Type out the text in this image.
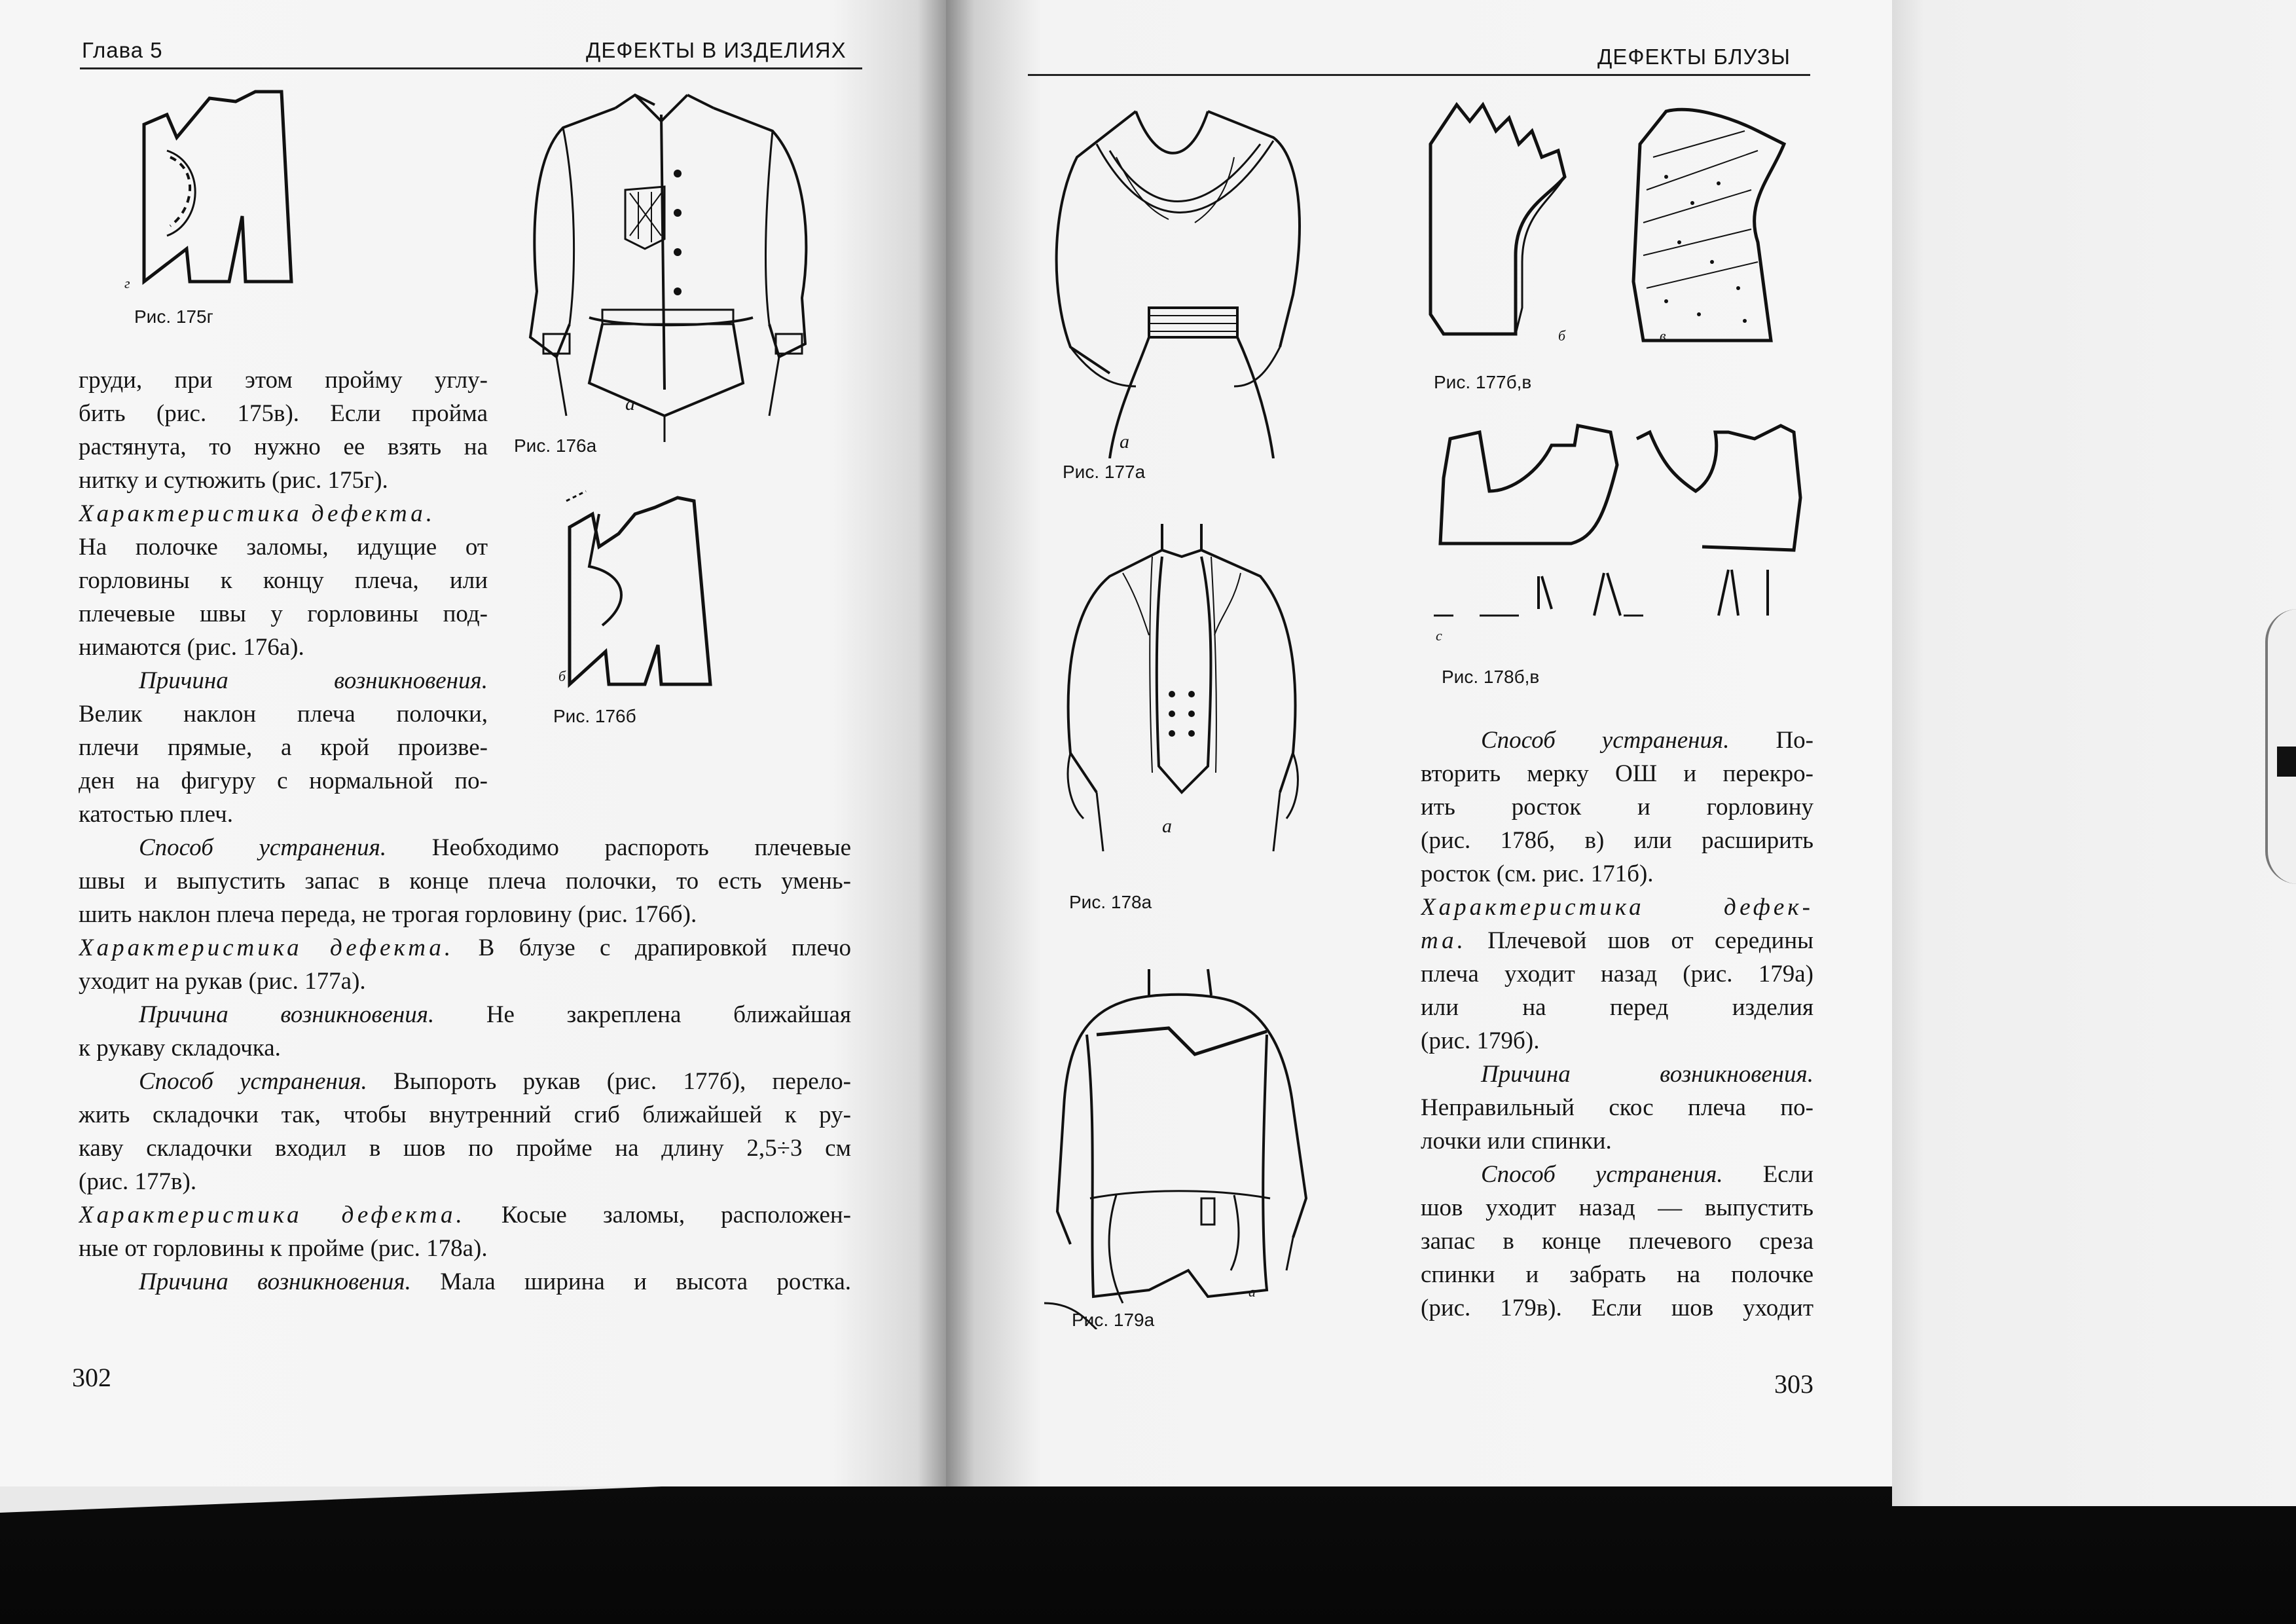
Глава 5	ДЕФЕКТЫ В ИЗДЕЛИЯХ
г
Рис. 175г
а
Рис. 176а
б
Рис. 176б

груди, при этом пройму углу-

бить (рис. 175в). Если пройма

растянута, то нужно ее взять на

нитку и сутюжить (рис. 175г).

Характеристика дефекта.

На полочке заломы, идущие от

горловины к концу плеча, или

плечевые швы у горловины под-

нимаются (рис. 176а).

Причина возникновения.

Велик наклон плеча полочки,

плечи прямые, а крой произве-

ден на фигуру с нормальной по-

катостью плеч.

Способ устранения. Необходимо распороть плечевые

швы и выпустить запас в конце плеча полочки, то есть умень-

шить наклон плеча переда, не трогая горловину (рис. 176б).

Характеристика дефекта. В блузе с драпировкой плечо

уходит на рукав (рис. 177а).

Причина возникновения. Не закреплена ближайшая

к рукаву складочка.

Способ устранения. Выпороть рукав (рис. 177б), перело-

жить складочки так, чтобы внутренний сгиб ближайшей к ру-

каву складочки входил в шов по пройме на длину 2,5÷3 см

(рис. 177в).

Характеристика дефекта. Косые заломы, расположен-

ные от горловины к пройме (рис. 178а).

Причина возникновения. Мала ширина и высота ростка.

302
ДЕФЕКТЫ БЛУЗЫ
а
Рис. 177а
б	в
Рис. 177б,в
с
Рис. 178б,в
а
Рис. 178а
а
Рис. 179а

Способ устранения. По-

вторить мерку ОШ и перекро-

ить росток и горловину

(рис. 178б, в) или расширить

росток (см. рис. 171б).

Характеристика дефек-

та. Плечевой шов от середины

плеча уходит назад (рис. 179а)

или на перед изделия

(рис. 179б).

Причина возникновения.

Неправильный скос плеча по-

лочки или спинки.

Способ устранения. Если

шов уходит назад — выпустить

запас в конце плечевого среза

спинки и забрать на полочке

(рис. 179в). Если шов уходит

303
